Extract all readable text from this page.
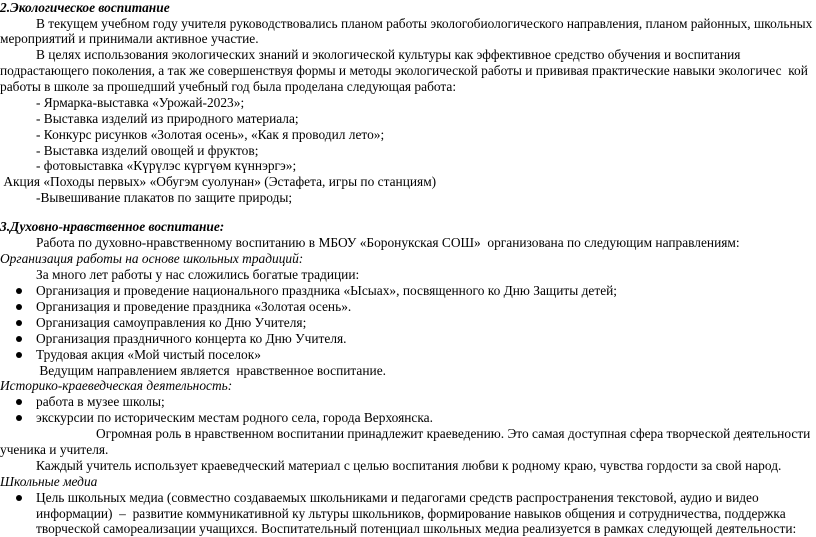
2.Экологическое воспитание
В текущем учебном году учителя руководствовались планом работы экологобиологического направления, планом районных, школьных
мероприятий и принимали активное участие.
В целях использования экологических знаний и экологической культуры как эффективное средство обучения и воспитания
подрастающего поколения, а так же совершенствуя формы и методы экологической работы и прививая практические навыки экологичес  кой
работы в школе за прошедший учебный год была проделана следующая работа:
- Ярмарка-выставка «Урожай-2023»;
- Выставка изделий из природного материала;
- Конкурс рисунков «Золотая осень», «Как я проводил лето»;
- Выставка изделий овощей и фруктов;
- фотовыставка «Күрүлэс күргүөм күннэргэ»;
Акция «Походы первых» «Обугэм суолунан» (Эстафета, игры по станциям)
-Вывешивание плакатов по защите природы;
3.Духовно-нравственное воспитание:
Работа по духовно-нравственному воспитанию в МБОУ «Боронукская СОШ»  организована по следующим направлениям:
Организация работы на основе школьных традиций:
За много лет работы у нас сложились богатые традиции:
Организация и проведение национального праздника «Ысыах», посвященного ко Дню Защиты детей;
Организация и проведение праздника «Золотая осень».
Организация самоуправления ко Дню Учителя;
Организация праздничного концерта ко Дню Учителя.
Трудовая акция «Мой чистый поселок»
Ведущим направлением является  нравственное воспитание.
Историко-краеведческая деятельность:
работа в музее школы;
экскурсии по историческим местам родного села, города Верхоянска.
Огромная роль в нравственном воспитании принадлежит краеведению. Это самая доступная сфера творческой деятельности
ученика и учителя.
Каждый учитель использует краеведческий материал с целью воспитания любви к родному краю, чувства гордости за свой народ.
Школьные медиа
Цель школьных медиа (совместно создаваемых школьниками и педагогами средств распространения текстовой, аудио и видео
информации)  –  развитие коммуникативной ку льтуры школьников, формирование навыков общения и сотрудничества, поддержка
творческой самореализации учащихся. Воспитательный потенциал школьных медиа реализуется в рамках следующей деятельности:
